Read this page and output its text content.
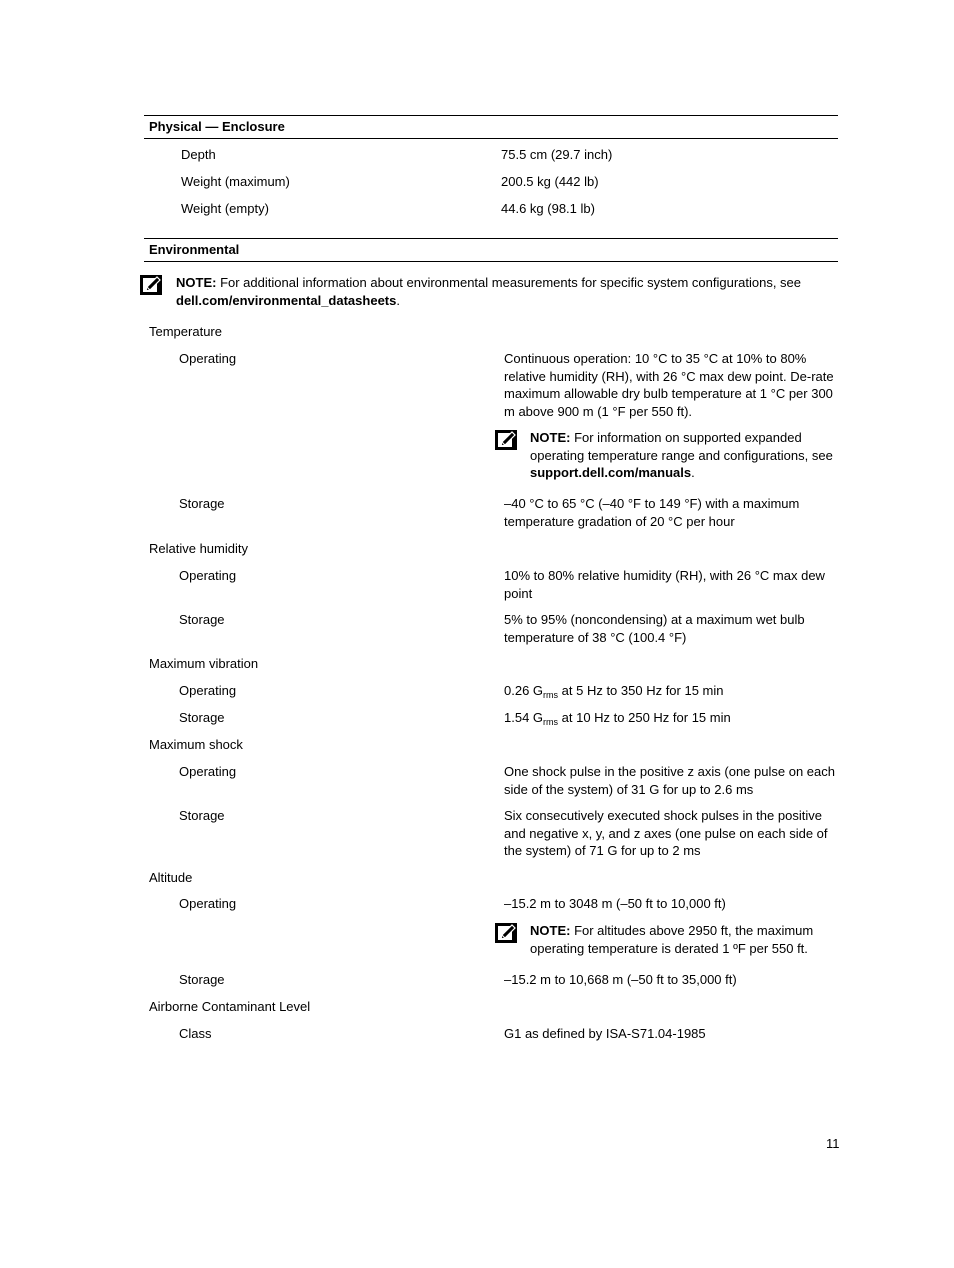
Physical — Enclosure
Depth	75.5 cm (29.7 inch)
Weight (maximum)	200.5 kg (442 lb)
Weight (empty)	44.6 kg (98.1 lb)
Environmental
NOTE: For additional information about environmental measurements for specific system configurations, see dell.com/environmental_datasheets.
Temperature
Operating	Continuous operation: 10 °C to 35 °C at 10% to 80% relative humidity (RH), with 26 °C max dew point. De-rate maximum allowable dry bulb temperature at 1 °C per 300 m above 900 m (1 °F per 550 ft).
NOTE: For information on supported expanded operating temperature range and configurations, see support.dell.com/manuals.
Storage	–40 °C to 65 °C (–40 °F to 149 °F) with a maximum temperature gradation of 20 °C per hour
Relative humidity
Operating	10% to 80% relative humidity (RH), with 26 °C max dew point
Storage	5% to 95% (noncondensing) at a maximum wet bulb temperature of 38 °C (100.4 °F)
Maximum vibration
Operating	0.26 $G_{rms}$ at 5 Hz to 350 Hz for 15 min
Storage	1.54 $G_{rms}$ at 10 Hz to 250 Hz for 15 min
Maximum shock
Operating	One shock pulse in the positive z axis (one pulse on each side of the system) of 31 G for up to 2.6 ms
Storage	Six consecutively executed shock pulses in the positive and negative x, y, and z axes (one pulse on each side of the system) of 71 G for up to 2 ms
Altitude
Operating	–15.2 m to 3048 m (–50 ft to 10,000 ft)
NOTE: For altitudes above 2950 ft, the maximum operating temperature is derated 1 ºF per 550 ft.
Storage	–15.2 m to 10,668 m (–50 ft to 35,000 ft)
Airborne Contaminant Level
Class	G1 as defined by ISA-S71.04-1985
11
